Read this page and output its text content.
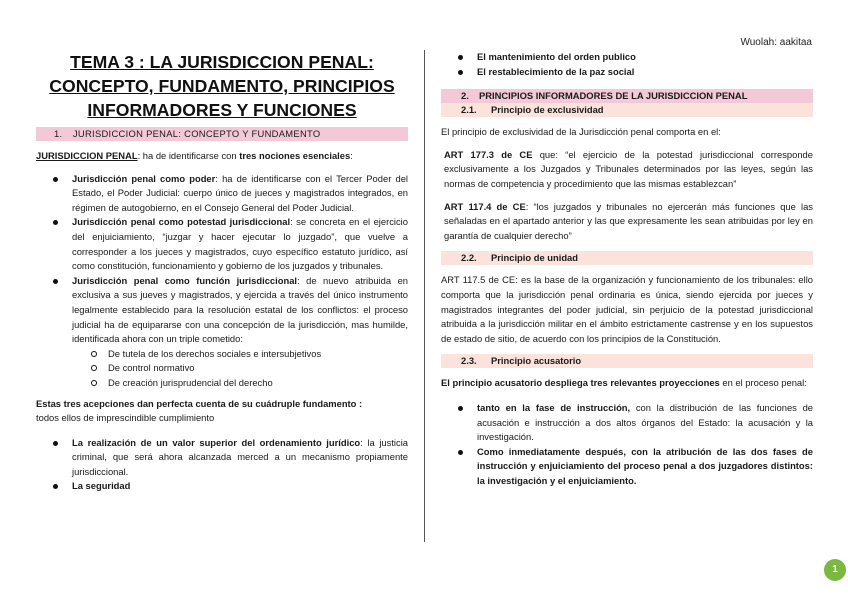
Wuolah: aakitaa
TEMA 3 : LA JURISDICCION PENAL: CONCEPTO, FUNDAMENTO, PRINCIPIOS INFORMADORES Y FUNCIONES
1. JURISDICCION PENAL: CONCEPTO Y FUNDAMENTO
JURISDICCION PENAL: ha de identificarse con tres nociones esenciales:
Jurisdicción penal como poder: ha de identificarse con el Tercer Poder del Estado, el Poder Judicial: cuerpo único de jueces y magistrados integrados, en régimen de autogobierno, en el Consejo General del Poder Judicial.
Jurisdicción penal como potestad jurisdiccional: se concreta en el ejercicio del enjuiciamiento, “juzgar y hacer ejecutar lo juzgado”, que vuelve a corresponder a los jueces y magistrados, cuyo específico estatuto jurídico, así como constitución, funcionamiento y gobierno de los juzgados y tribunales.
Jurisdicción penal como función jurisdiccional: de nuevo atribuida en exclusiva a sus jueves y magistrados, y ejercida a través del único instrumento legalmente establecido para la resolución estatal de los conflictos: el proceso judicial ha de equipararse con una concepción de la jurisdicción, mas humilde, identificada ahora con un triple cometido:
De tutela de los derechos sociales e intersubjetivos
De control normativo
De creación jurisprudencial del derecho
Estas tres acepciones dan perfecta cuenta de su cuádruple fundamento :
todos ellos de imprescindible cumplimiento
La realización de un valor superior del ordenamiento jurídico: la justicia criminal, que será ahora alcanzada merced a un mecanismo propiamente jurisdiccional.
La seguridad
El mantenimiento del orden publico
El restablecimiento de la paz social
2. PRINCIPIOS INFORMADORES DE LA JURISDICCION PENAL
2.1. Principio de exclusividad
El principio de exclusividad de la Jurisdicción penal comporta en el:
ART 177.3 de CE que: “el ejercicio de la potestad jurisdiccional corresponde exclusivamente a los Juzgados y Tribunales determinados por las leyes, según las normas de competencia y procedimiento que las mismas establezcan”
ART 117.4 de CE: “los juzgados y tribunales no ejercerán más funciones que las señaladas en el apartado anterior y las que expresamente les sean atribuidas por ley en garantía de cualquier derecho”
2.2. Principio de unidad
ART 117.5 de CE: es la base de la organización y funcionamiento de los tribunales: ello comporta que la jurisdicción penal ordinaria es única, siendo ejercida por jueces y magistrados integrantes del poder judicial, sin perjuicio de la potestad jurisdiccional atribuida a la jurisdicción militar en el ámbito estrictamente castrense y en los supuestos de estado de sitio, de acuerdo con los principios de la Constitución.
2.3. Principio acusatorio
El principio acusatorio despliega tres relevantes proyecciones en el proceso penal:
tanto en la fase de instrucción, con la distribución de las funciones de acusación e instrucción a dos altos órganos del Estado: la acusación y la investigación.
Como inmediatamente después, con la atribución de las dos fases de instrucción y enjuiciamiento del proceso penal a dos juzgadores distintos: la investigación y el enjuiciamiento.
1
